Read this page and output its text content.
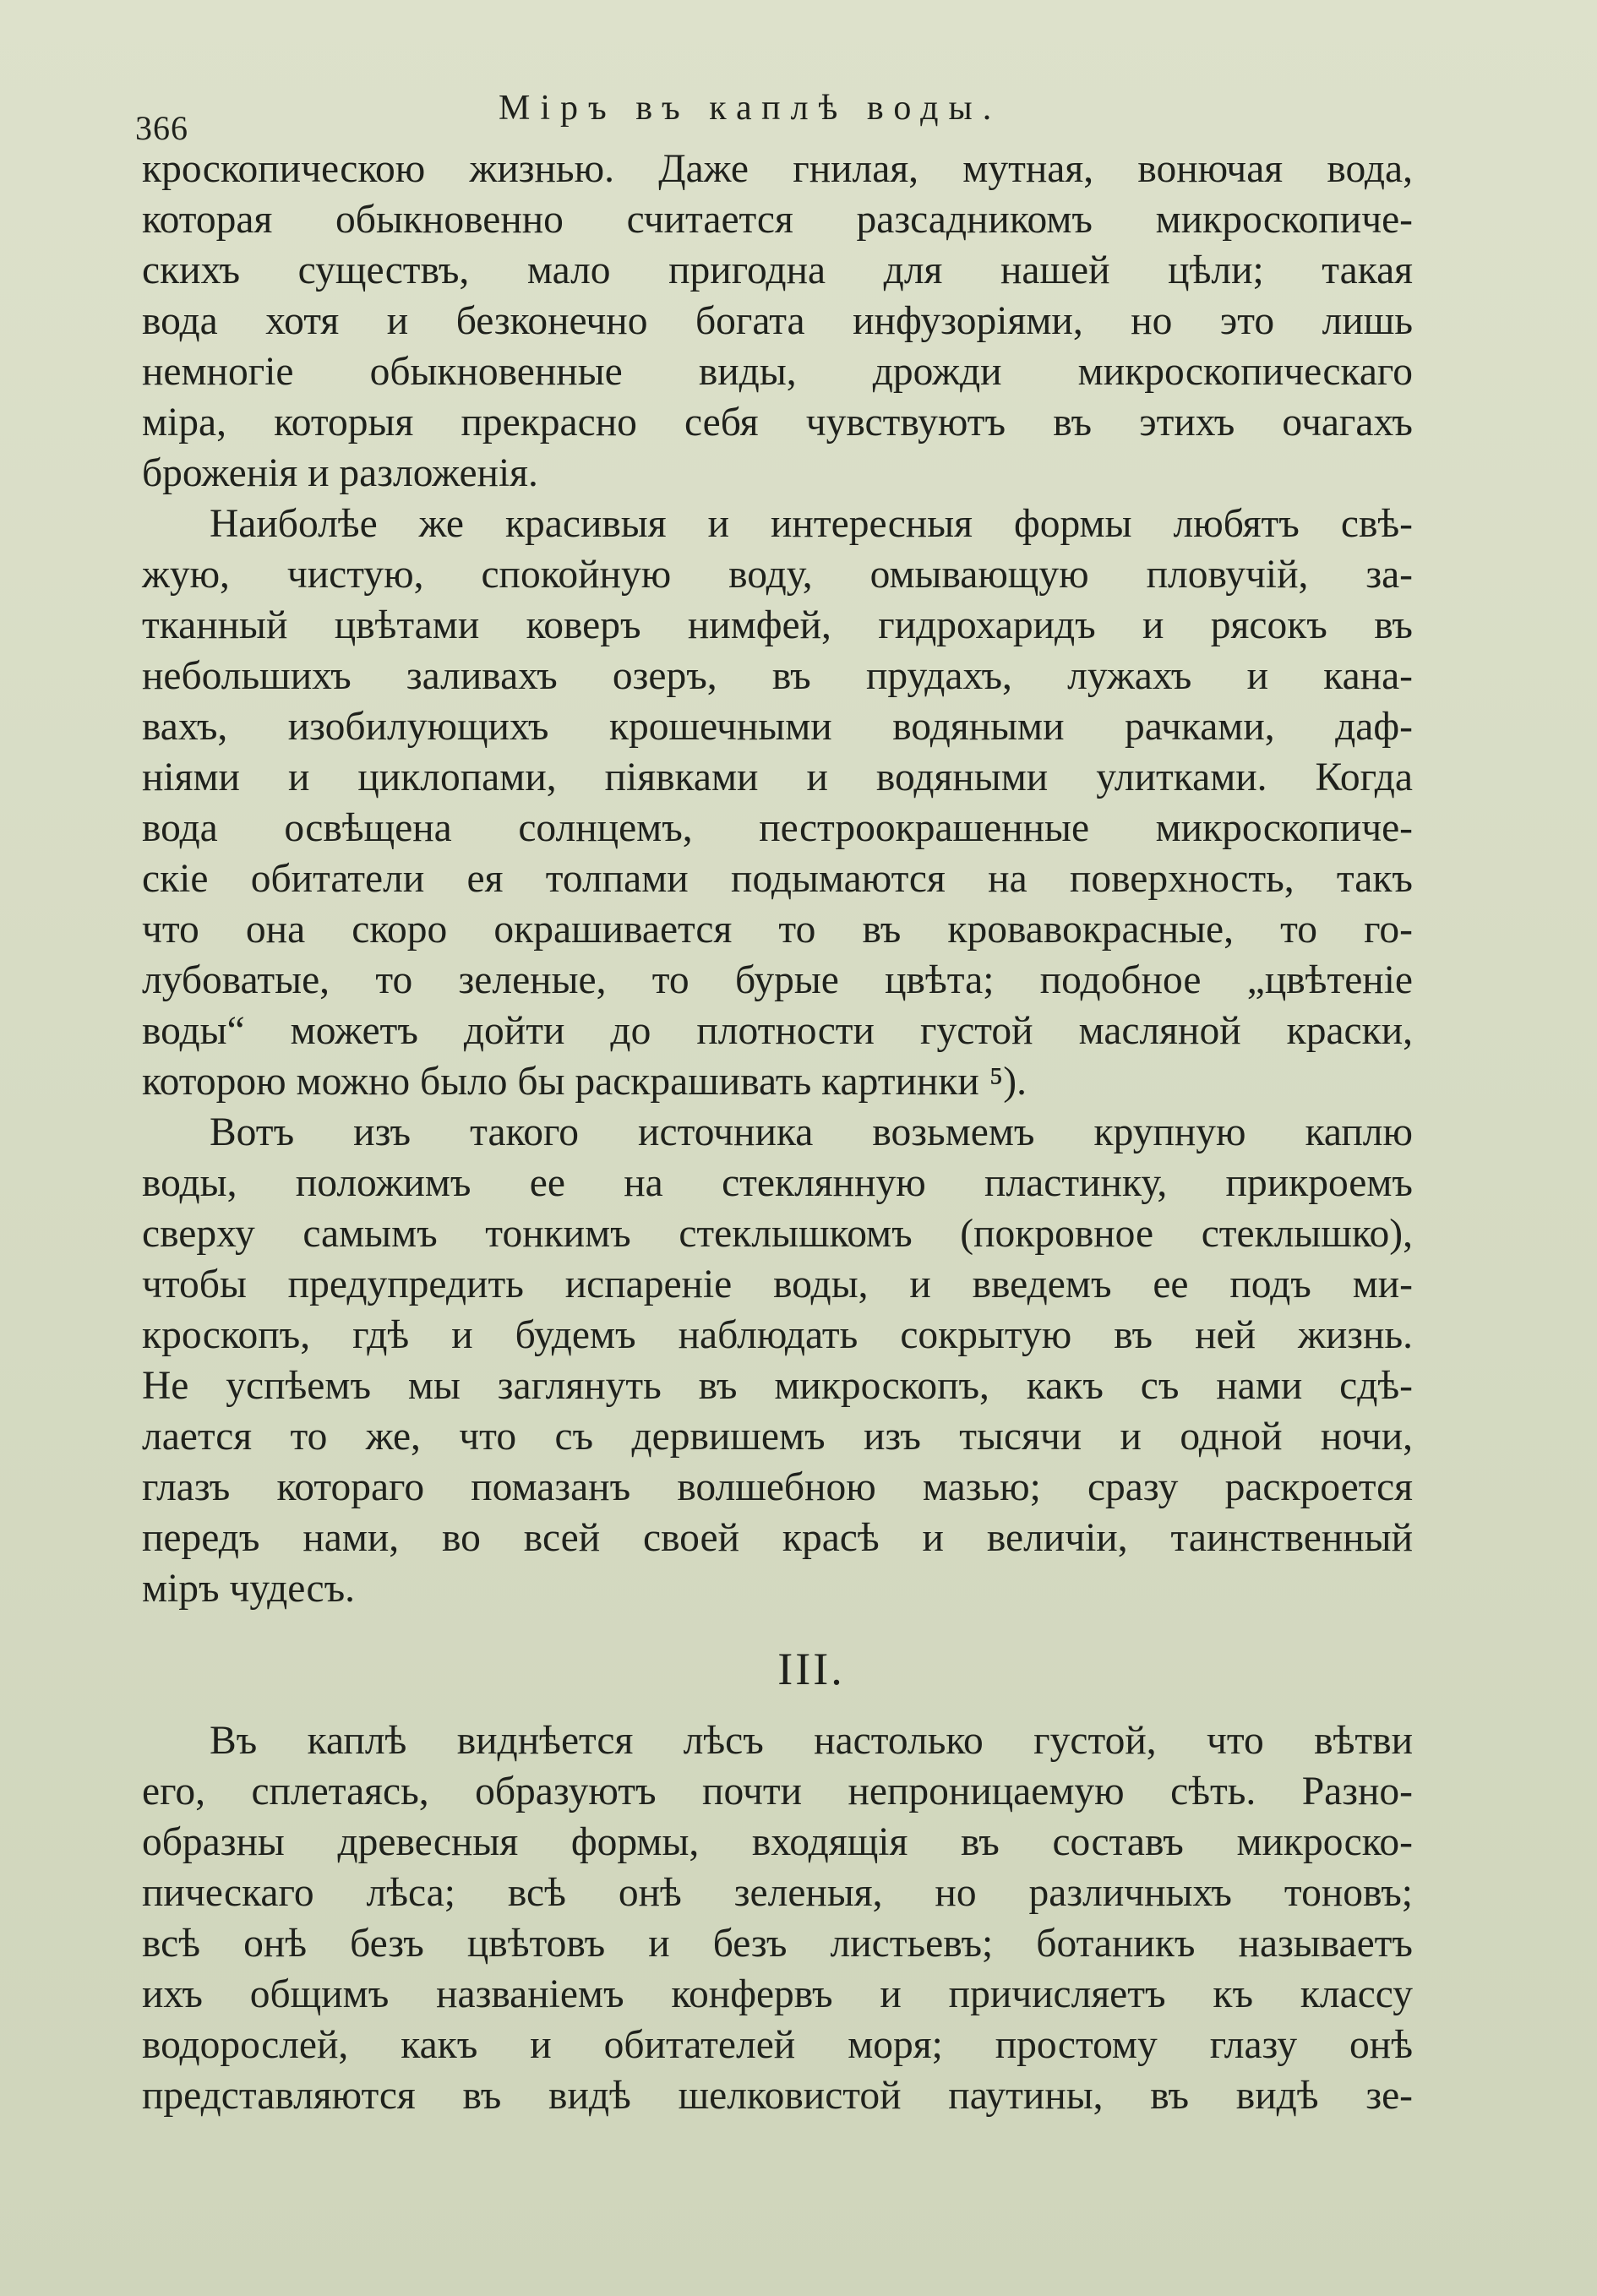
366
Міръ въ каплѣ воды.
кроскопическою жизнью. Даже гнилая, мутная, вонючая вода,
которая обыкновенно считается разсадникомъ микроскопиче-
скихъ существъ, мало пригодна для нашей цѣли; такая
вода хотя и безконечно богата инфузоріями, но это лишь
немногіе обыкновенные виды, дрожди микроскопическаго
міра, которыя прекрасно себя чувствуютъ въ этихъ очагахъ
броженія и разложенія.
Наиболѣе же красивыя и интересныя формы любятъ свѣ-
жую, чистую, спокойную воду, омывающую пловучій, за-
тканный цвѣтами коверъ нимфей, гидрохаридъ и рясокъ въ
небольшихъ заливахъ озеръ, въ прудахъ, лужахъ и кана-
вахъ, изобилующихъ крошечными водяными рачками, даф-
ніями и циклопами, піявками и водяными улитками. Когда
вода освѣщена солнцемъ, пестроокрашенные микроскопиче-
скіе обитатели ея толпами подымаются на поверхность, такъ
что она скоро окрашивается то въ кровавокрасные, то го-
лубоватые, то зеленые, то бурые цвѣта; подобное „цвѣтеніе
воды“ можетъ дойти до плотности густой масляной краски,
которою можно было бы раскрашивать картинки ⁵).
Вотъ изъ такого источника возьмемъ крупную каплю
воды, положимъ ее на стеклянную пластинку, прикроемъ
сверху самымъ тонкимъ стеклышкомъ (покровное стеклышко),
чтобы предупредить испареніе воды, и введемъ ее подъ ми-
кроскопъ, гдѣ и будемъ наблюдать сокрытую въ ней жизнь.
Не успѣемъ мы заглянуть въ микроскопъ, какъ съ нами сдѣ-
лается то же, что съ дервишемъ изъ тысячи и одной ночи,
глазъ котораго помазанъ волшебною мазью; сразу раскроется
передъ нами, во всей своей красѣ и величіи, таинственный
міръ чудесъ.
III.
Въ каплѣ виднѣется лѣсъ настолько густой, что вѣтви
его, сплетаясь, образуютъ почти непроницаемую сѣть. Разно-
образны древесныя формы, входящія въ составъ микроско-
пическаго лѣса; всѣ онѣ зеленыя, но различныхъ тоновъ;
всѣ онѣ безъ цвѣтовъ и безъ листьевъ; ботаникъ называетъ
ихъ общимъ названіемъ конфервъ и причисляетъ къ классу
водорослей, какъ и обитателей моря; простому глазу онѣ
представляются въ видѣ шелковистой паутины, въ видѣ зе-
